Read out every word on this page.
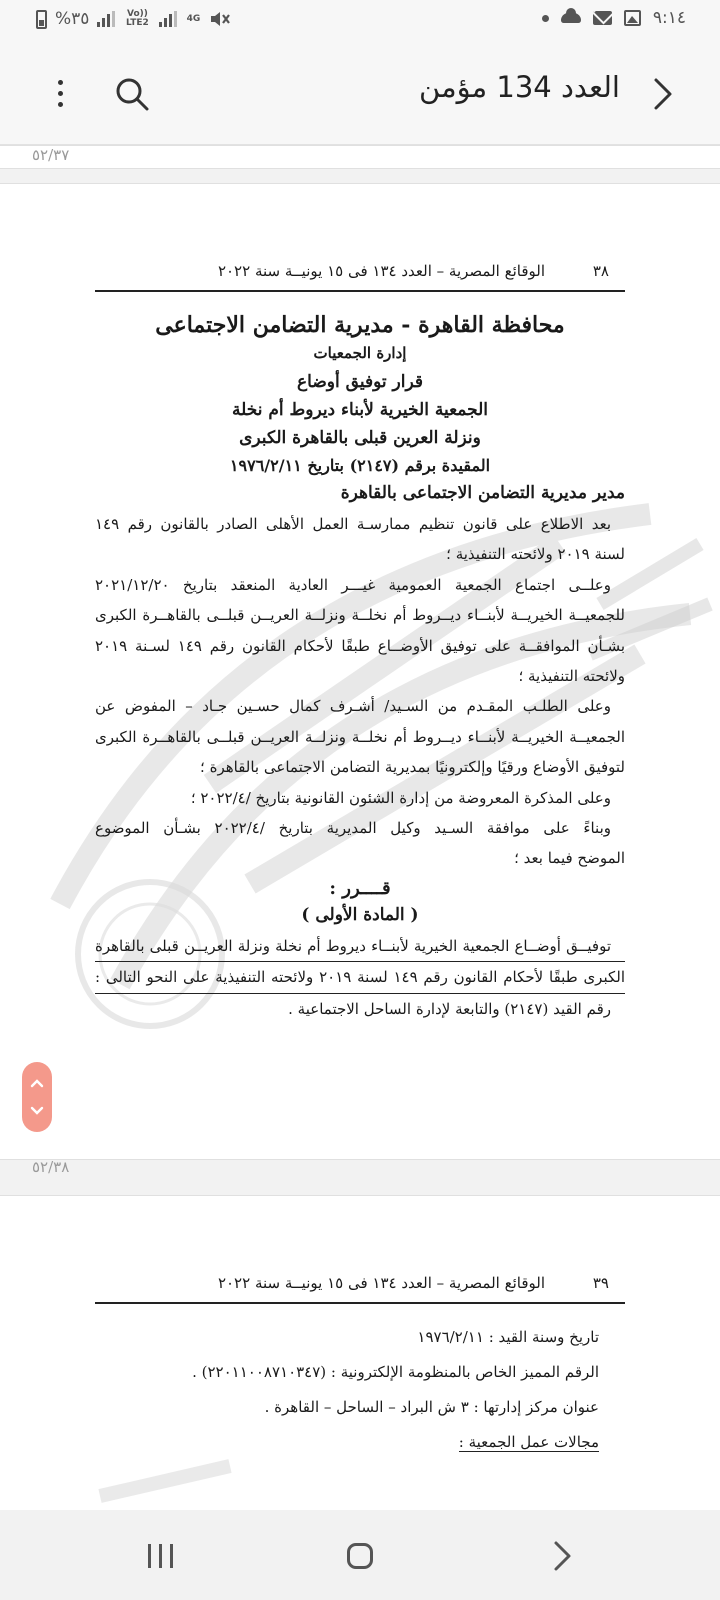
%٣٥	Vo)) LTE2	4G	٩:١٤
العدد 134 مؤمن
٥٢/٣٧
٣٨
الوقائع المصرية – العدد ١٣٤ فى ١٥ يونيــة سنة ٢٠٢٢
محافظة القاهرة - مديرية التضامن الاجتماعى
إدارة الجمعيات
قرار توفيق أوضاع
الجمعية الخيرية لأبناء ديروط أم نخلة
ونزلة العرين قبلى بالقاهرة الكبرى
المقيدة برقم (٢١٤٧) بتاريخ ١٩٧٦/٢/١١
مدير مديرية التضامن الاجتماعى بالقاهرة
بعد الاطلاع على قانون تنظيم ممارسـة العمل الأهلى الصادر بالقانون رقم ١٤٩
لسنة ٢٠١٩ ولائحته التنفيذية ؛
وعلــى اجتماع الجمعية العمومية غيـــر العادية المنعقد بتاريخ ٢٠٢١/١٢/٢٠
للجمعيــة الخيريــة لأبنــاء ديــروط أم نخلــة ونزلــة العريــن قبلــى بالقاهــرة الكبرى
بشـأن الموافقــة على توفيق الأوضــاع طبقًا لأحكام القانون رقم ١٤٩ لسـنة ٢٠١٩
ولائحته التنفيذية ؛
وعلى الطلـب المقـدم من السـيد/ أشـرف كمال حسـين جـاد – المفوض عن
الجمعيــة الخيريــة لأبنــاء ديــروط أم نخلــة ونزلــة العريــن قبلــى بالقاهــرة الكبرى
لتوفيق الأوضاع ورقيًا وإلكترونيًا بمديرية التضامن الاجتماعى بالقاهرة ؛
وعلى المذكرة المعروضة من إدارة الشئون القانونية بتاريخ /٢٠٢٢/٤ ؛
وبناءً على موافقة السـيد وكيل المديرية بتاريخ /٢٠٢٢/٤ بشـأن الموضوع
الموضح فيما بعد ؛
قــــرر :
( المادة الأولى )
توفيــق أوضــاع الجمعية الخيرية لأبنــاء ديروط أم نخلة ونزلة العريــن قبلى بالقاهرة
الكبرى طبقًا لأحكام القانون رقم ١٤٩ لسنة ٢٠١٩ ولائحته التنفيذية على النحو التالى :
رقم القيد (٢١٤٧) والتابعة لإدارة الساحل الاجتماعية .
٥٢/٣٨
٣٩
الوقائع المصرية – العدد ١٣٤ فى ١٥ يونيــة سنة ٢٠٢٢
تاريخ وسنة القيد : ١٩٧٦/٢/١١
الرقم المميز الخاص بالمنظومة الإلكترونية : (٢٢٠١١٠٠٨٧١٠٣٤٧) .
عنوان مركز إدارتها : ٣ ش البراد – الساحل – القاهرة .
مجالات عمل الجمعية :
